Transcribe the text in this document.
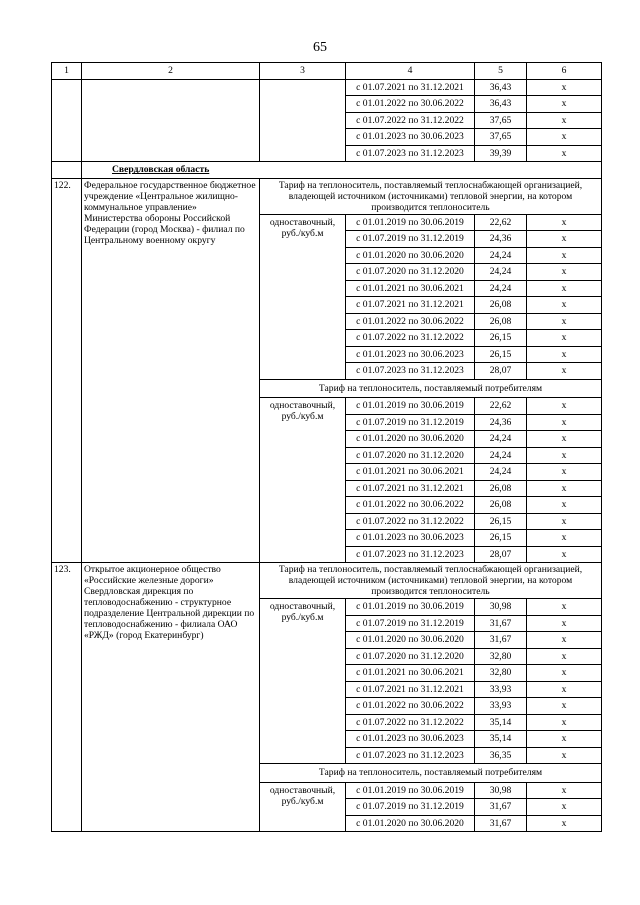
65
1	2	3	4	5	6
			с 01.07.2021 по 31.12.2021	36,43	х
			с 01.01.2022 по 30.06.2022	36,43	х
			с 01.07.2022 по 31.12.2022	37,65	х
			с 01.01.2023 по 30.06.2023	37,65	х
			с 01.07.2023 по 31.12.2023	39,39	х
	Свердловская область				
122.	Федеральное государственное бюджетное учреждение «Центральное жилищно-коммунальное управление» Министерства обороны Российской Федерации (город Москва) - филиал по Центральному военному округу	Тариф на теплоноситель, поставляемый теплоснабжающей организацией, владеющей источником (источниками) тепловой энергии, на котором производится теплоноситель			
		одноставочный, руб./куб.м	с 01.01.2019 по 30.06.2019	22,62	х
			с 01.07.2019 по 31.12.2019	24,36	х
			с 01.01.2020 по 30.06.2020	24,24	х
			с 01.07.2020 по 31.12.2020	24,24	х
			с 01.01.2021 по 30.06.2021	24,24	х
			с 01.07.2021 по 31.12.2021	26,08	х
			с 01.01.2022 по 30.06.2022	26,08	х
			с 01.07.2022 по 31.12.2022	26,15	х
			с 01.01.2023 по 30.06.2023	26,15	х
			с 01.07.2023 по 31.12.2023	28,07	х
		Тариф на теплоноситель, поставляемый потребителям			
		одноставочный, руб./куб.м	с 01.01.2019 по 30.06.2019	22,62	х
			с 01.07.2019 по 31.12.2019	24,36	х
			с 01.01.2020 по 30.06.2020	24,24	х
			с 01.07.2020 по 31.12.2020	24,24	х
			с 01.01.2021 по 30.06.2021	24,24	х
			с 01.07.2021 по 31.12.2021	26,08	х
			с 01.01.2022 по 30.06.2022	26,08	х
			с 01.07.2022 по 31.12.2022	26,15	х
			с 01.01.2023 по 30.06.2023	26,15	х
			с 01.07.2023 по 31.12.2023	28,07	х
123.	Открытое акционерное общество «Российские железные дороги» Свердловская дирекция по тепловодоснабжению - структурное подразделение Центральной дирекции по тепловодоснабжению - филиала ОАО «РЖД» (город Екатеринбург)	Тариф на теплоноситель, поставляемый теплоснабжающей организацией, владеющей источником (источниками) тепловой энергии, на котором производится теплоноситель			
		одноставочный, руб./куб.м	с 01.01.2019 по 30.06.2019	30,98	х
			с 01.07.2019 по 31.12.2019	31,67	х
			с 01.01.2020 по 30.06.2020	31,67	х
			с 01.07.2020 по 31.12.2020	32,80	х
			с 01.01.2021 по 30.06.2021	32,80	х
			с 01.07.2021 по 31.12.2021	33,93	х
			с 01.01.2022 по 30.06.2022	33,93	х
			с 01.07.2022 по 31.12.2022	35,14	х
			с 01.01.2023 по 30.06.2023	35,14	х
			с 01.07.2023 по 31.12.2023	36,35	х
		Тариф на теплоноситель, поставляемый потребителям			
		одноставочный, руб./куб.м	с 01.01.2019 по 30.06.2019	30,98	х
			с 01.07.2019 по 31.12.2019	31,67	х
			с 01.01.2020 по 30.06.2020	31,67	х
